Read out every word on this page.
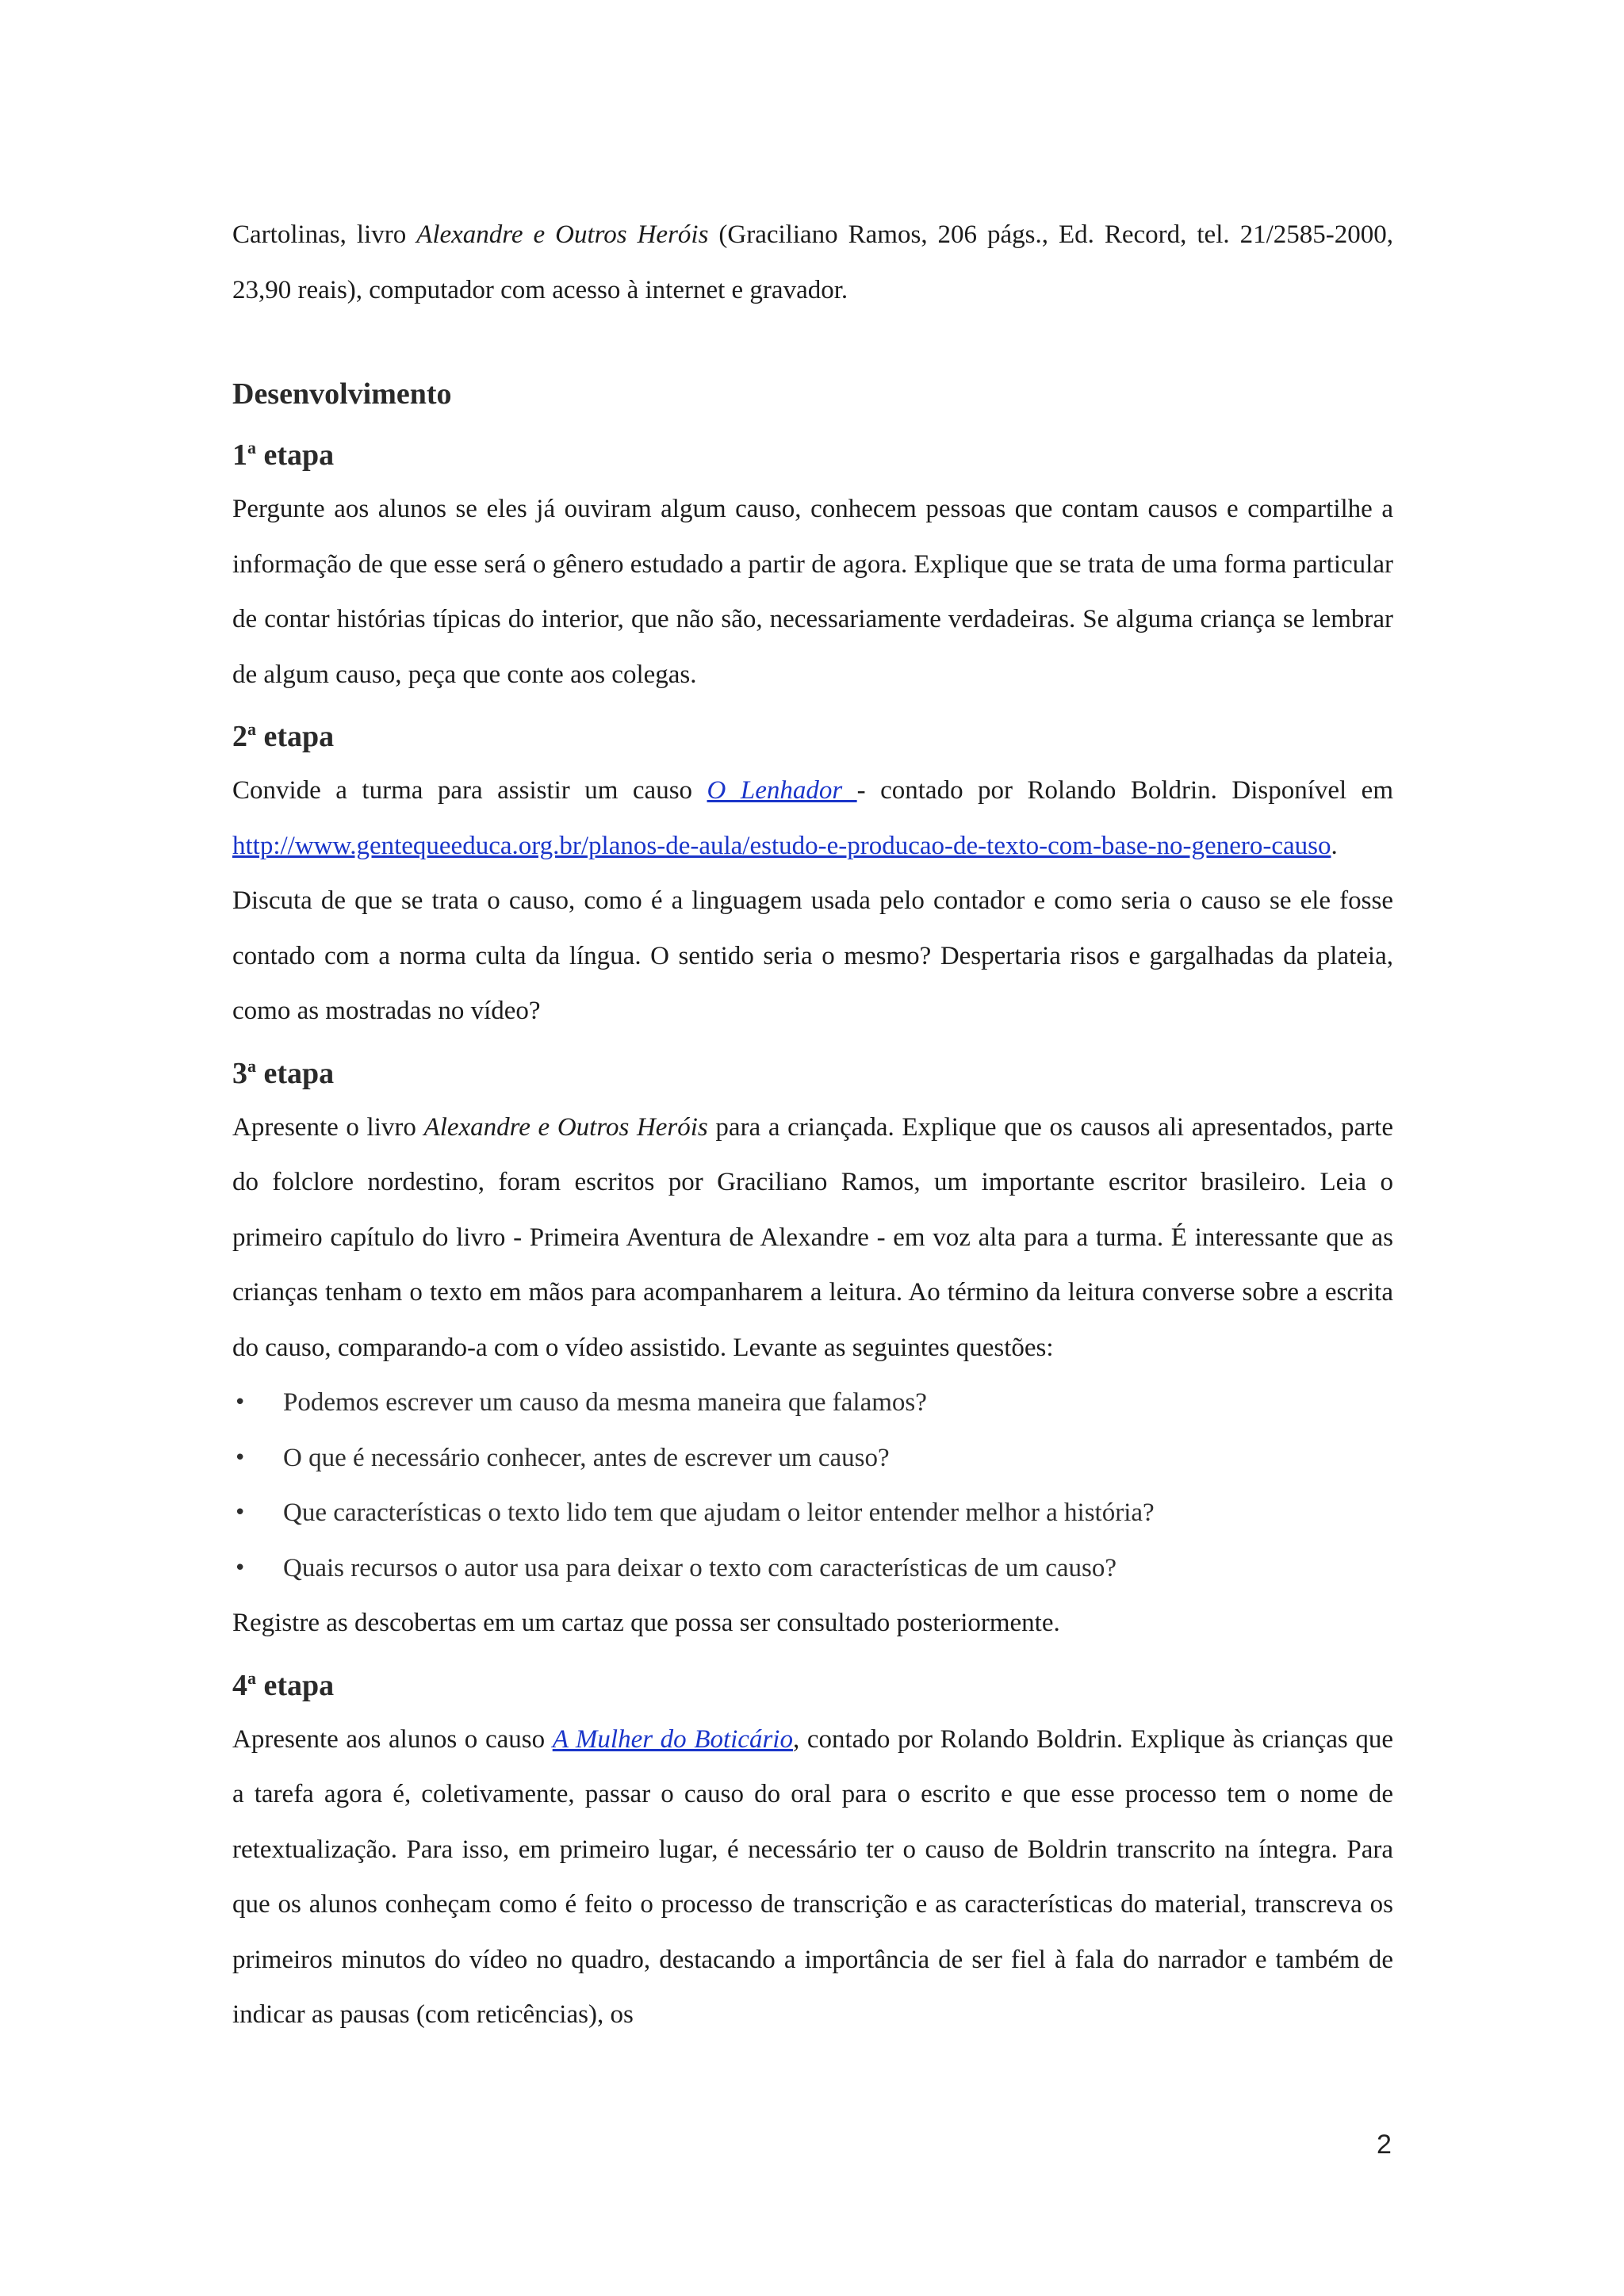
Cartolinas, livro Alexandre e Outros Heróis (Graciliano Ramos, 206 págs., Ed. Record, tel. 21/2585-2000, 23,90 reais), computador com acesso à internet e gravador.

Desenvolvimento
1$^a$ etapa

Pergunte aos alunos se eles já ouviram algum causo, conhecem pessoas que contam causos e compartilhe a informação de que esse será o gênero estudado a partir de agora. Explique que se trata de uma forma particular de contar histórias típicas do interior, que não são, necessariamente verdadeiras. Se alguma criança se lembrar de algum causo, peça que conte aos colegas.

2$^a$ etapa

Convide a turma para assistir um causo O Lenhador - contado por Rolando Boldrin. Disponível em http://www.gentequeeduca.org.br/planos-de-aula/estudo-e-producao-de-texto-com-base-no-genero-causo. Discuta de que se trata o causo, como é a linguagem usada pelo contador e como seria o causo se ele fosse contado com a norma culta da língua. O sentido seria o mesmo? Despertaria risos e gargalhadas da plateia, como as mostradas no vídeo?

3$^a$ etapa

Apresente o livro Alexandre e Outros Heróis para a criançada. Explique que os causos ali apresentados, parte do folclore nordestino, foram escritos por Graciliano Ramos, um importante escritor brasileiro. Leia o primeiro capítulo do livro - Primeira Aventura de Alexandre - em voz alta para a turma. É interessante que as crianças tenham o texto em mãos para acompanharem a leitura. Ao término da leitura converse sobre a escrita do causo, comparando-a com o vídeo assistido. Levante as seguintes questões:

• Podemos escrever um causo da mesma maneira que falamos?
• O que é necessário conhecer, antes de escrever um causo?
• Que características o texto lido tem que ajudam o leitor entender melhor a história?
• Quais recursos o autor usa para deixar o texto com características de um causo?

Registre as descobertas em um cartaz que possa ser consultado posteriormente.

4$^a$ etapa

Apresente aos alunos o causo A Mulher do Boticário, contado por Rolando Boldrin. Explique às crianças que a tarefa agora é, coletivamente, passar o causo do oral para o escrito e que esse processo tem o nome de retextualização. Para isso, em primeiro lugar, é necessário ter o causo de Boldrin transcrito na íntegra. Para que os alunos conheçam como é feito o processo de transcrição e as características do material, transcreva os primeiros minutos do vídeo no quadro, destacando a importância de ser fiel à fala do narrador e também de indicar as pausas (com reticências), os

2
